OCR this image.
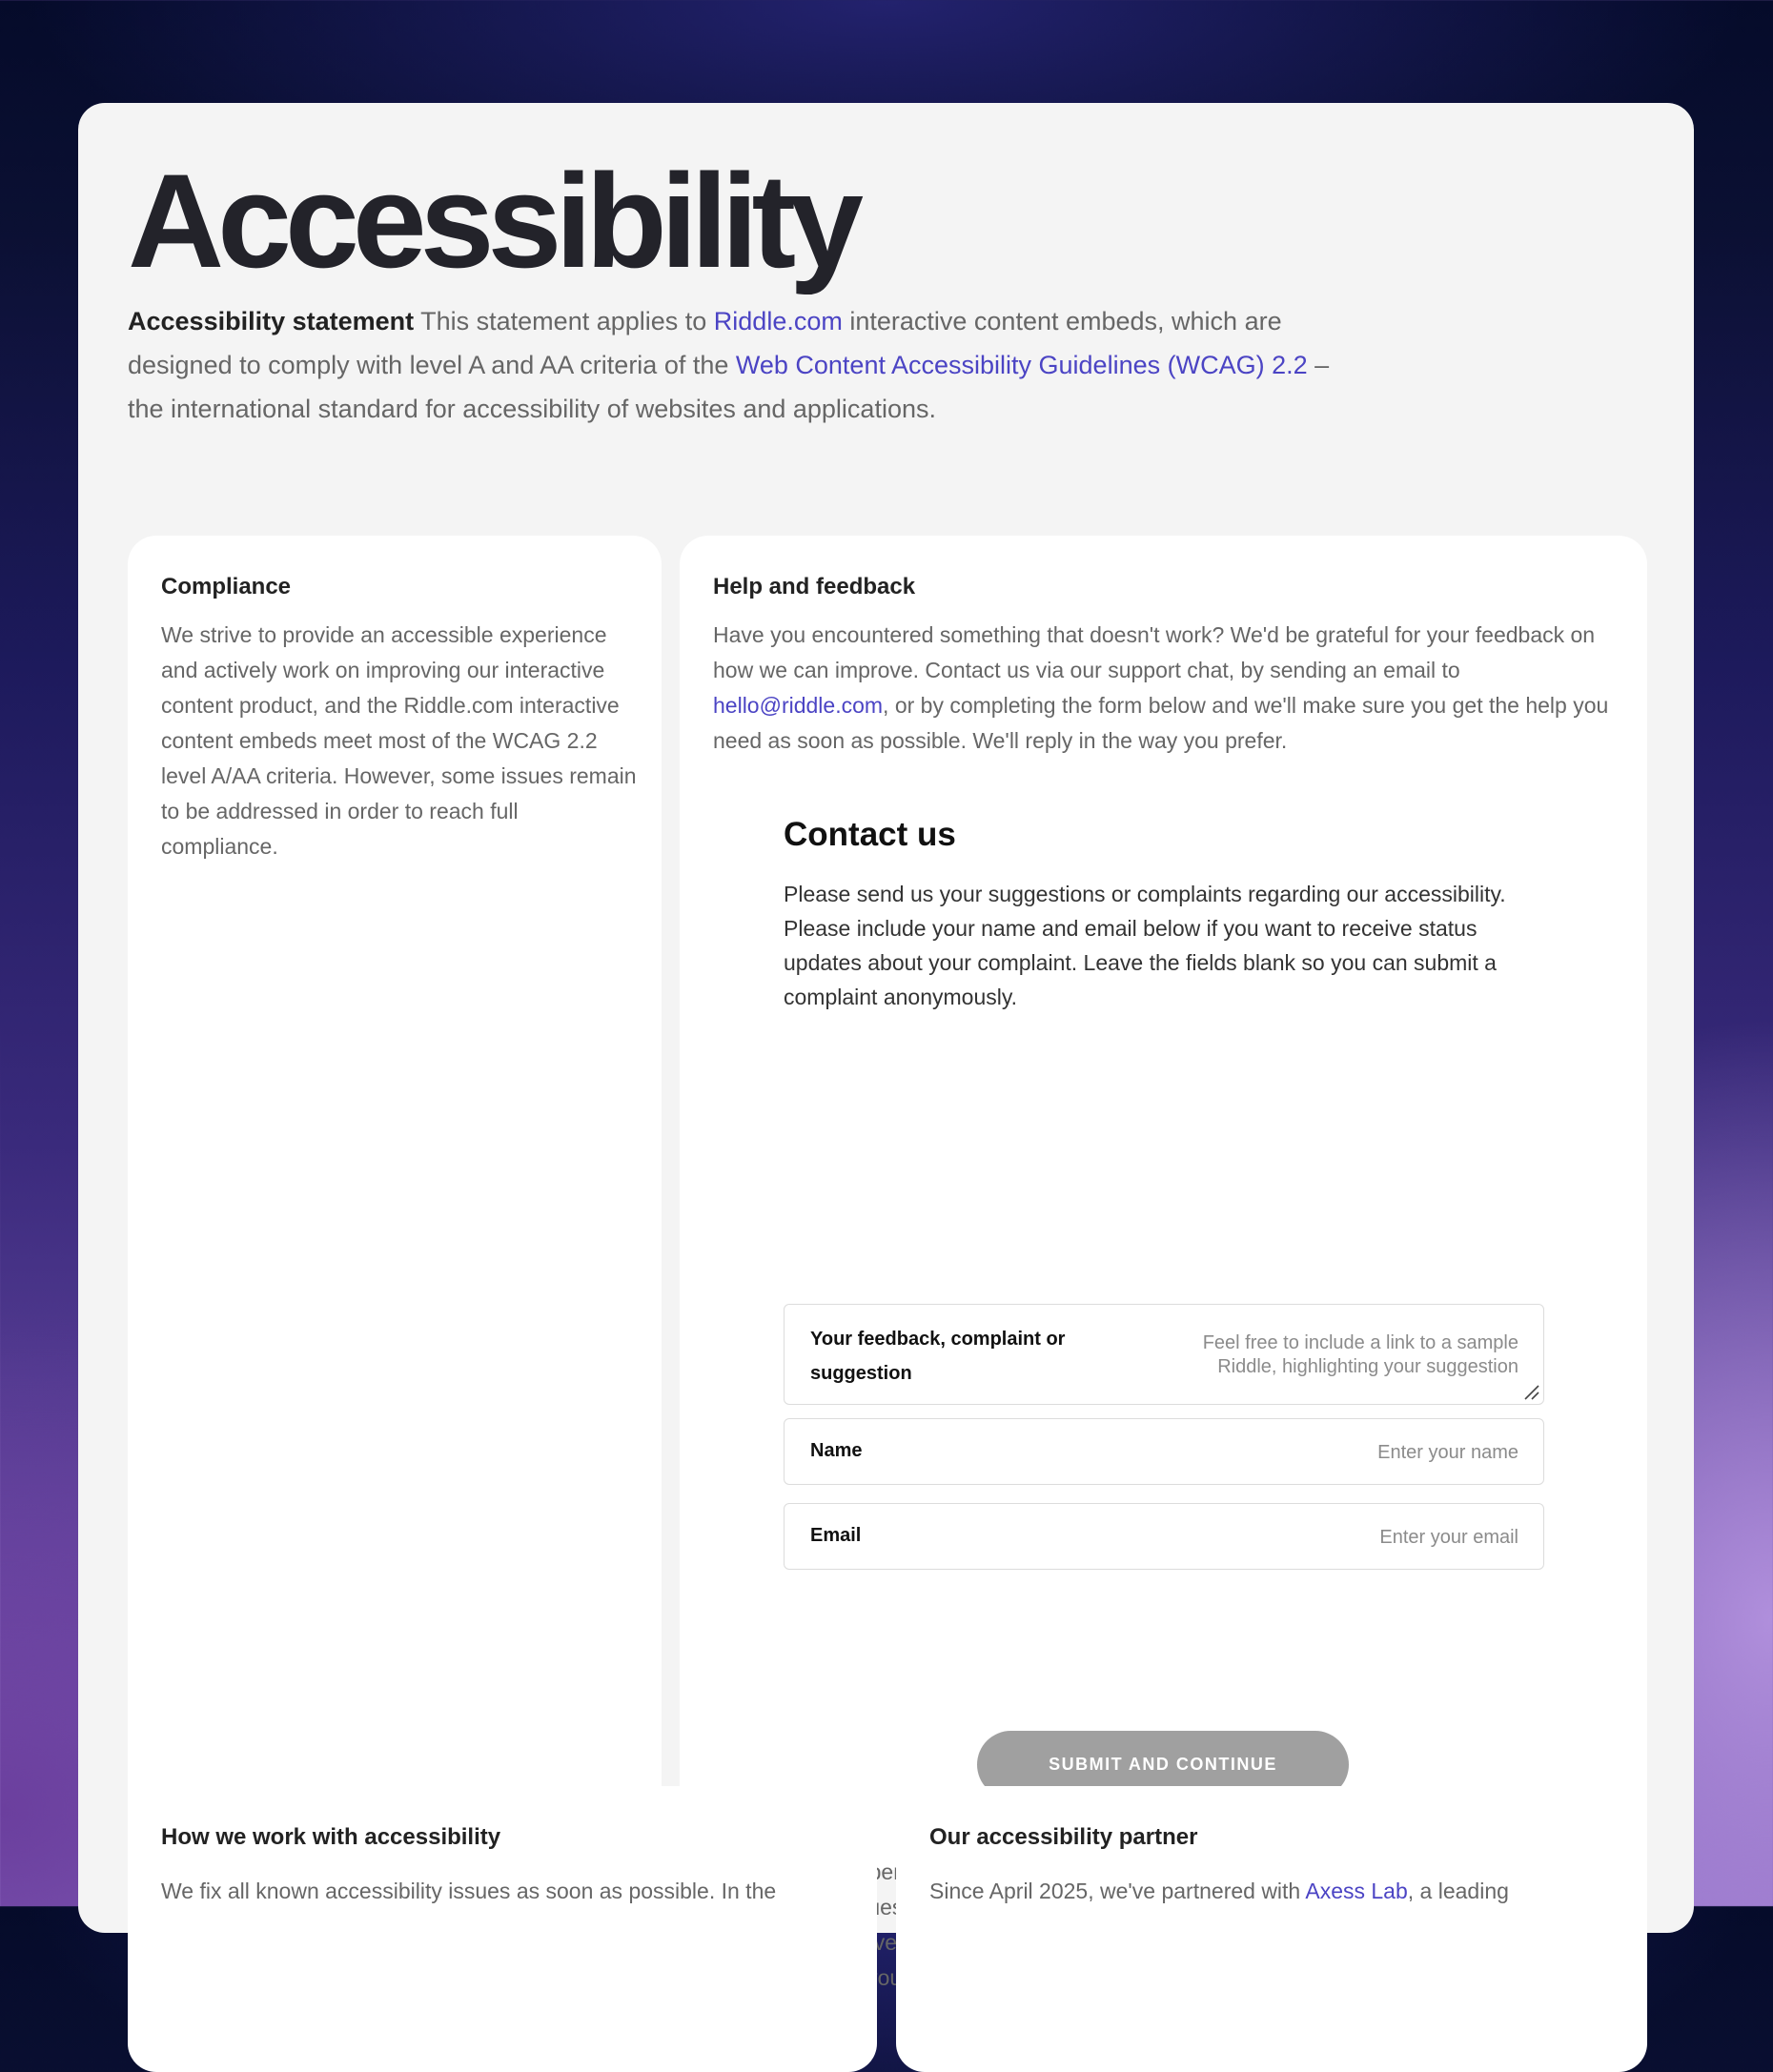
Accessibility

Accessibility statement This statement applies to Riddle.com interactive content embeds, which are designed to comply with level A and AA criteria of the Web Content Accessibility Guidelines (WCAG) 2.2 – the international standard for accessibility of websites and applications.

Compliance

We strive to provide an accessible experience and actively work on improving our interactive content product, and the Riddle.com interactive content embeds meet most of the WCAG 2.2 level A/AA criteria. However, some issues remain to be addressed in order to reach full compliance.

Help and feedback

Have you encountered something that doesn't work? We'd be grateful for your feedback on how we can improve. Contact us via our support chat, by sending an email to hello@riddle.com, or by completing the form below and we'll make sure you get the help you need as soon as possible. We'll reply in the way you prefer.

Contact us

Please send us your suggestions or complaints regarding our accessibility. Please include your name and email below if you want to receive status updates about your complaint. Leave the fields blank so you can submit a complaint anonymously.

Your feedback, complaint or suggestion
Feel free to include a link to a sample Riddle, highlighting your suggestion
Name	Enter your name
Email	Enter your email
SUBMIT AND CONTINUE

open requests

your

How we work with accessibility

We fix all known accessibility issues as soon as possible. In the

Our accessibility partner

Since April 2025, we've partnered with Axess Lab, a leading
